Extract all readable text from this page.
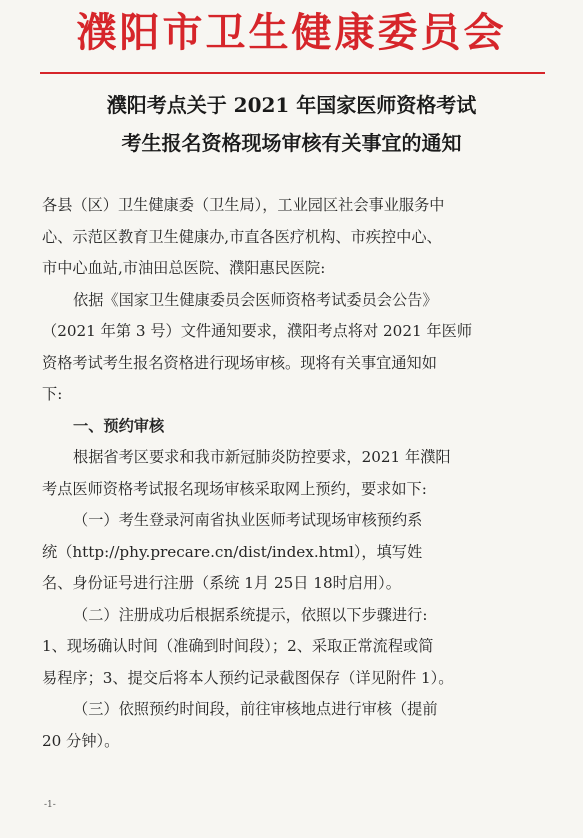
濮阳市卫生健康委员会
濮阳考点关于 2021 年国家医师资格考试
考生报名资格现场审核有关事宜的通知
各县（区）卫生健康委（卫生局），工业园区社会事业服务中
心、示范区教育卫生健康办,市直各医疗机构、市疾控中心、
市中心血站,市油田总医院、濮阳惠民医院:
依据《国家卫生健康委员会医师资格考试委员会公告》
（2021 年第 3 号）文件通知要求，濮阳考点将对 2021 年医师
资格考试考生报名资格进行现场审核。现将有关事宜通知如
下:
一、预约审核
根据省考区要求和我市新冠肺炎防控要求，2021 年濮阳
考点医师资格考试报名现场审核采取网上预约，要求如下:
（一）考生登录河南省执业医师考试现场审核预约系
统（http://phy.precare.cn/dist/index.html），填写姓
名、身份证号进行注册（系统 1月 25日 18时启用）。
（二）注册成功后根据系统提示，依照以下步骤进行:
1、现场确认时间（准确到时间段）；2、采取正常流程或简
易程序；3、提交后将本人预约记录截图保存（详见附件 1）。
（三）依照预约时间段，前往审核地点进行审核（提前
20 分钟）。
-1-
